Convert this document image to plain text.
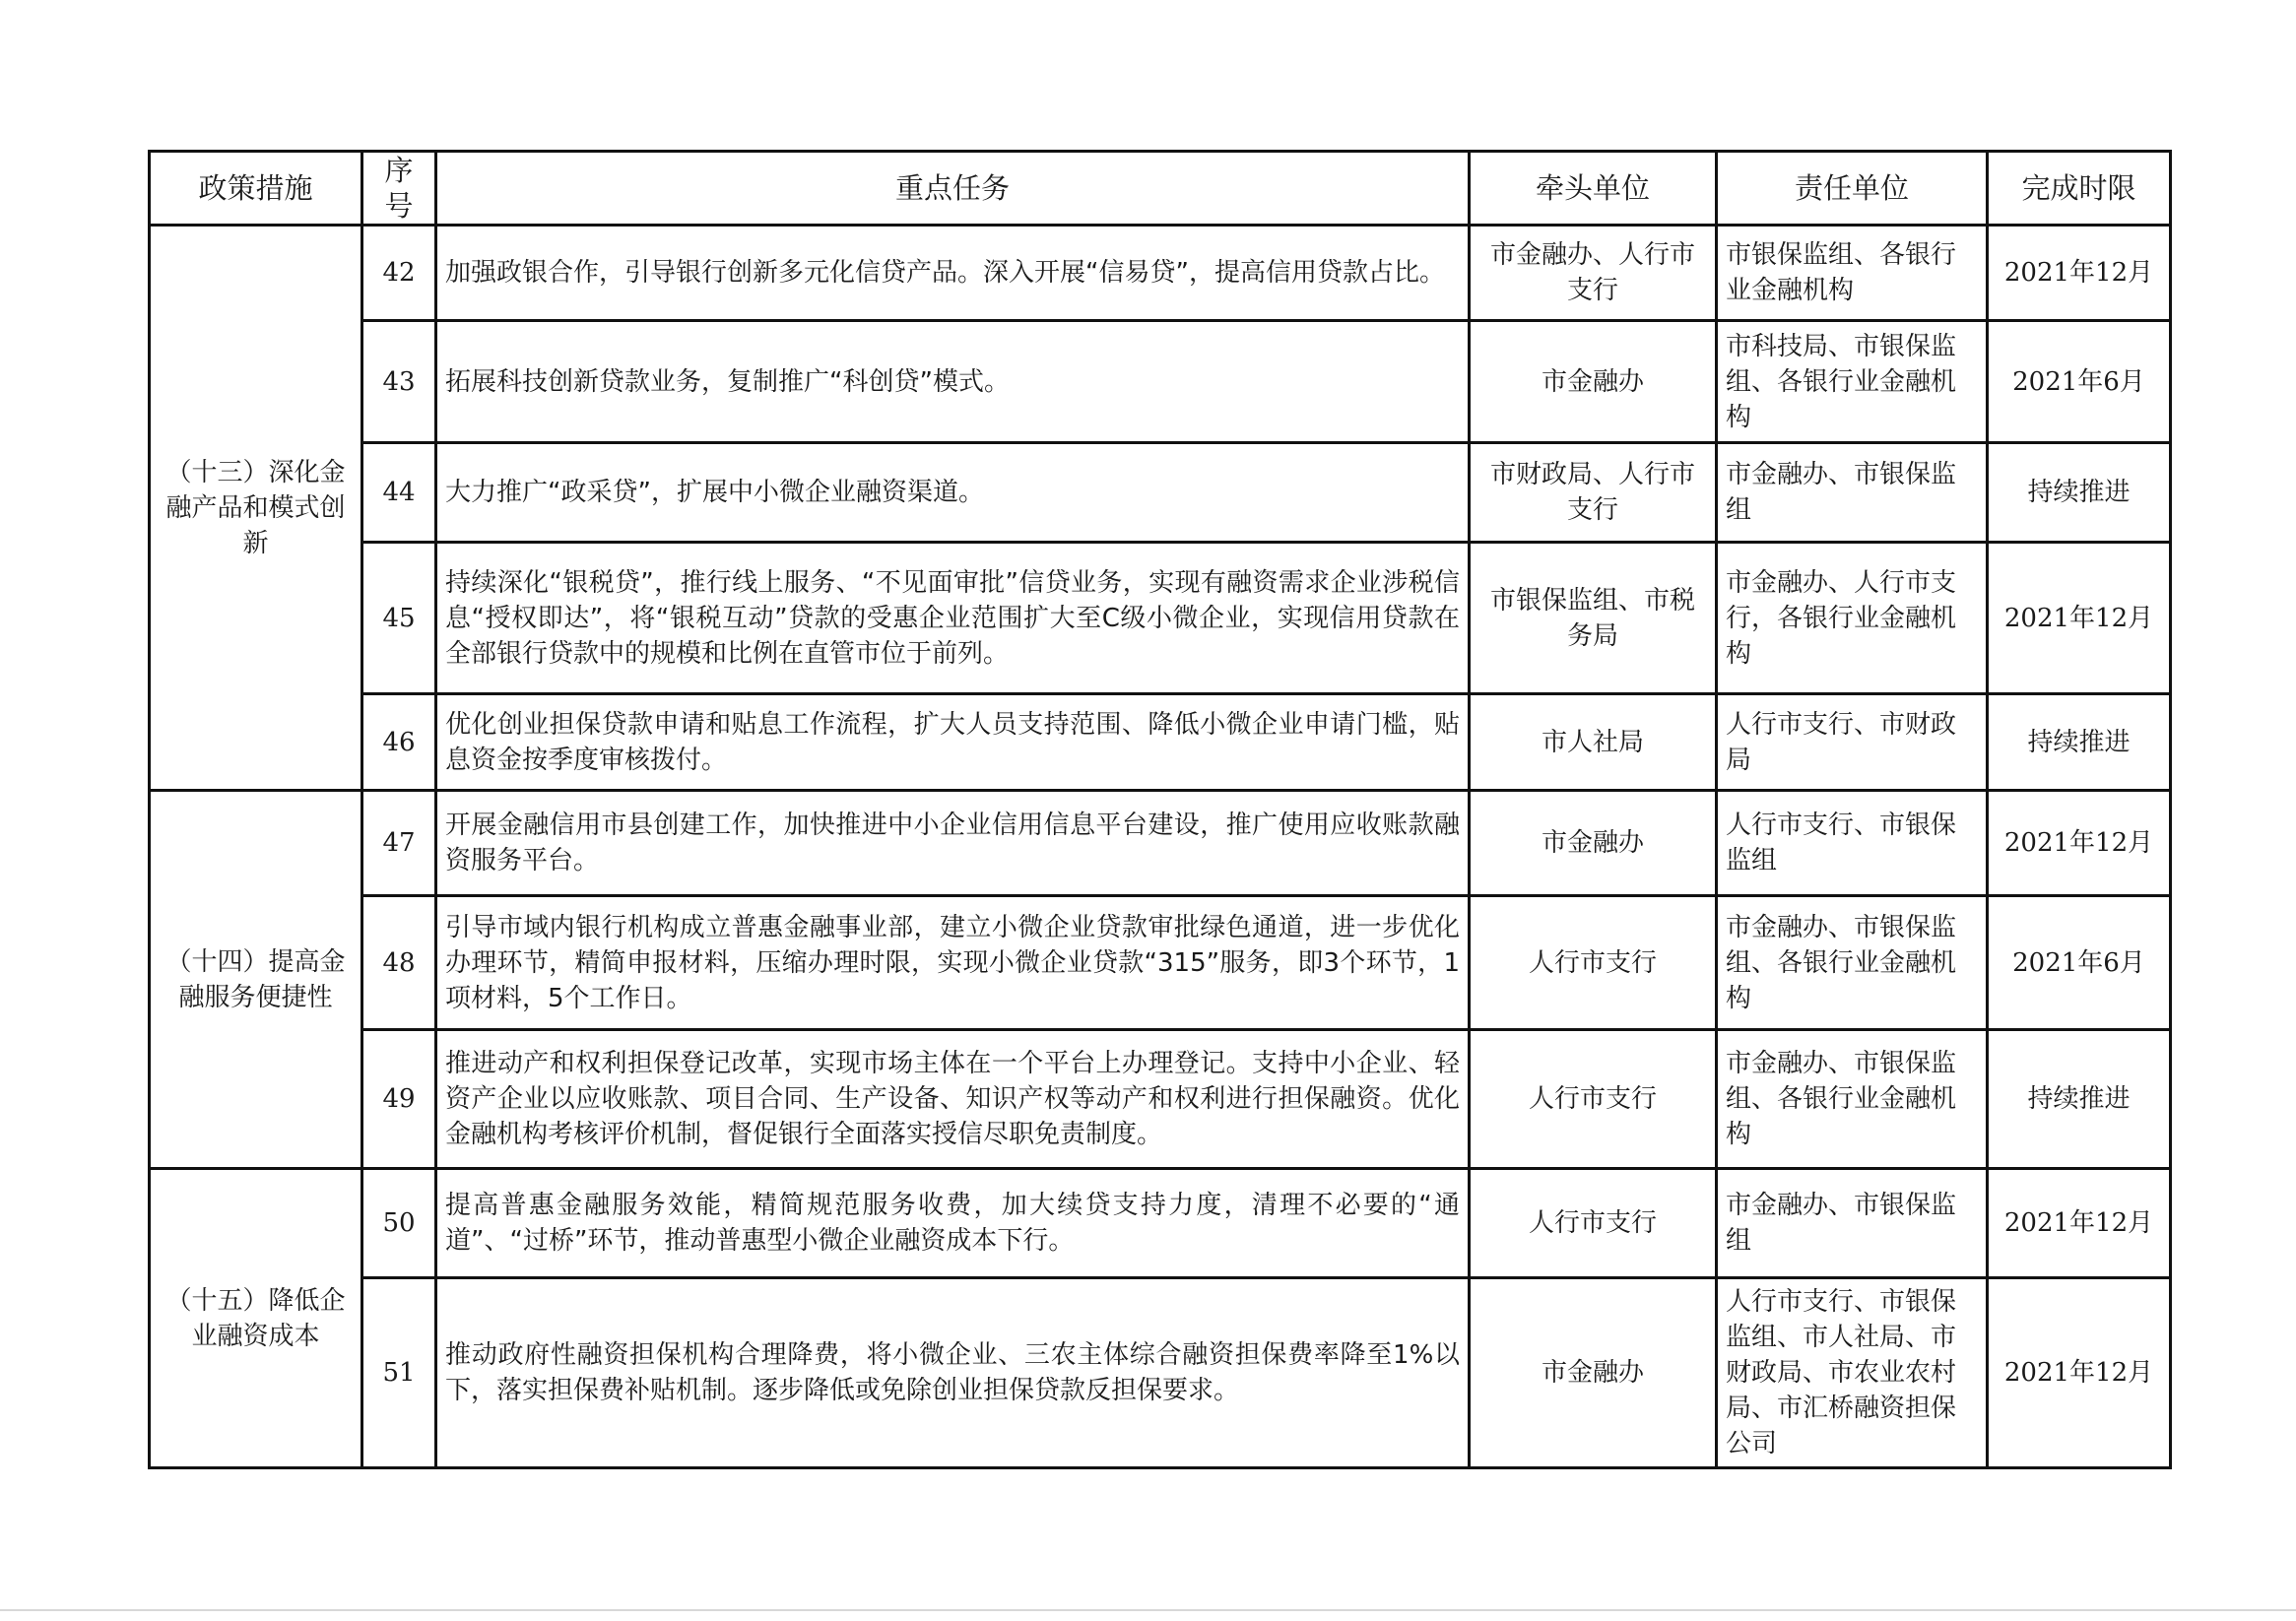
政策措施	序号	重点任务	牵头单位	责任单位	完成时限
（十三）深化金融产品和模式创新	42	加强政银合作，引导银行创新多元化信贷产品。深入开展“信易贷”，提高信用贷款占比。	市金融办、人行市支行	市银保监组、各银行业金融机构	2021年12月
	43	拓展科技创新贷款业务，复制推广“科创贷”模式。	市金融办	市科技局、市银保监组、各银行业金融机构	2021年6月
	44	大力推广“政采贷”，扩展中小微企业融资渠道。	市财政局、人行市支行	市金融办、市银保监组	持续推进
	45	持续深化“银税贷”，推行线上服务、“不见面审批”信贷业务，实现有融资需求企业涉税信息“授权即达”，将“银税互动”贷款的受惠企业范围扩大至C级小微企业，实现信用贷款在全部银行贷款中的规模和比例在直管市位于前列。	市银保监组、市税务局	市金融办、人行市支行，各银行业金融机构	2021年12月
	46	优化创业担保贷款申请和贴息工作流程，扩大人员支持范围、降低小微企业申请门槛，贴息资金按季度审核拨付。	市人社局	人行市支行、市财政局	持续推进
（十四）提高金融服务便捷性	47	开展金融信用市县创建工作，加快推进中小企业信用信息平台建设，推广使用应收账款融资服务平台。	市金融办	人行市支行、市银保监组	2021年12月
	48	引导市域内银行机构成立普惠金融事业部，建立小微企业贷款审批绿色通道，进一步优化办理环节，精简申报材料，压缩办理时限，实现小微企业贷款“315”服务，即3个环节，1项材料，5个工作日。	人行市支行	市金融办、市银保监组、各银行业金融机构	2021年6月
	49	推进动产和权利担保登记改革，实现市场主体在一个平台上办理登记。支持中小企业、轻资产企业以应收账款、项目合同、生产设备、知识产权等动产和权利进行担保融资。优化金融机构考核评价机制，督促银行全面落实授信尽职免责制度。	人行市支行	市金融办、市银保监组、各银行业金融机构	持续推进
（十五）降低企业融资成本	50	提高普惠金融服务效能，精简规范服务收费，加大续贷支持力度，清理不必要的“通道”、“过桥”环节，推动普惠型小微企业融资成本下行。	人行市支行	市金融办、市银保监组	2021年12月
	51	推动政府性融资担保机构合理降费，将小微企业、三农主体综合融资担保费率降至1%以下，落实担保费补贴机制。逐步降低或免除创业担保贷款反担保要求。	市金融办	人行市支行、市银保监组、市人社局、市财政局、市农业农村局、市汇桥融资担保公司	2021年12月
